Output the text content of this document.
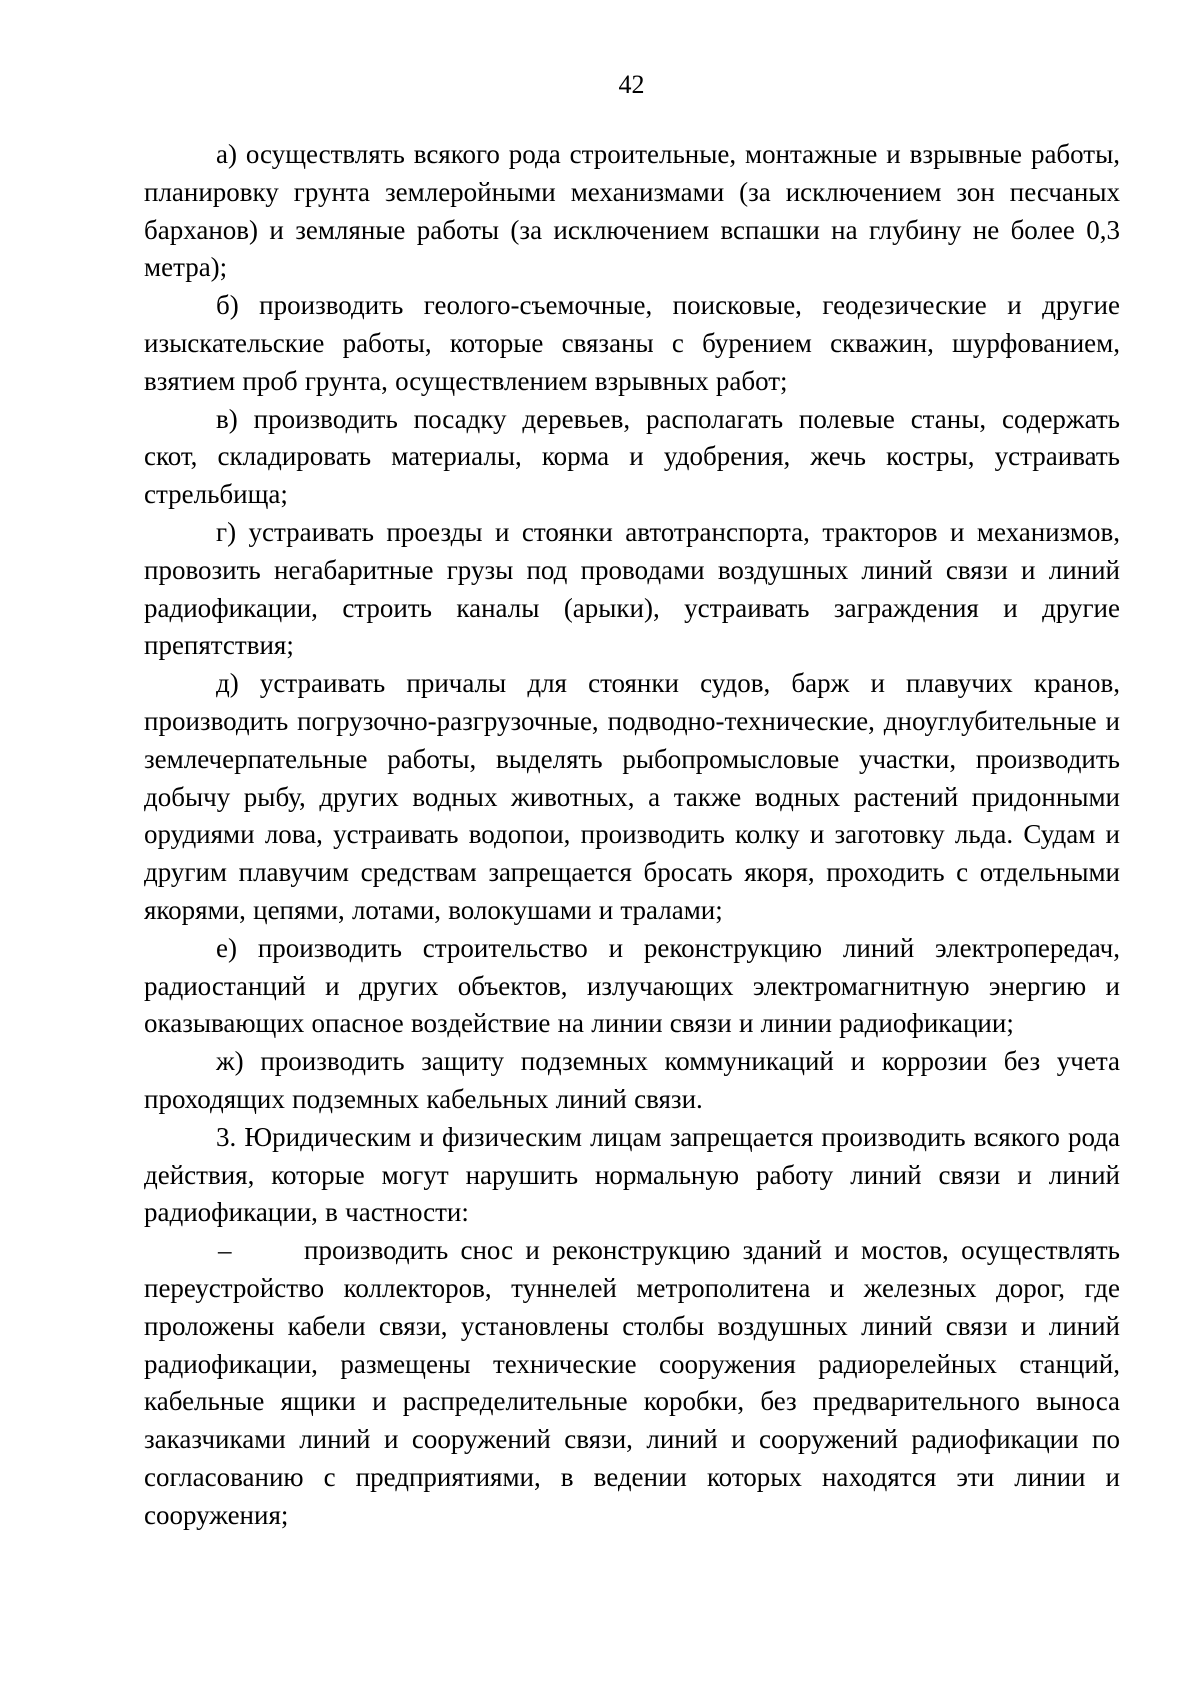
42

а) осуществлять всякого рода строительные, монтажные и взрывные работы, планировку грунта землеройными механизмами (за исключением зон песчаных барханов) и земляные работы (за исключением вспашки на глубину не более 0,3 метра);

б) производить геолого-съемочные, поисковые, геодезические и другие изыскательские работы, которые связаны с бурением скважин, шурфованием, взятием проб грунта, осуществлением взрывных работ;

в) производить посадку деревьев, располагать полевые станы, содержать скот, складировать материалы, корма и удобрения, жечь костры, устраивать стрельбища;

г) устраивать проезды и стоянки автотранспорта, тракторов и механизмов, провозить негабаритные грузы под проводами воздушных линий связи и линий радиофикации, строить каналы (арыки), устраивать заграждения и другие препятствия;

д) устраивать причалы для стоянки судов, барж и плавучих кранов, производить погрузочно-разгрузочные, подводно-технические, дноуглубительные и землечерпательные работы, выделять рыбопромысловые участки, производить добычу рыбу, других водных животных, а также водных растений придонными орудиями лова, устраивать водопои, производить колку и заготовку льда. Судам и другим плавучим средствам запрещается бросать якоря, проходить с отдельными якорями, цепями, лотами, волокушами и тралами;

е) производить строительство и реконструкцию линий электропередач, радиостанций и других объектов, излучающих электромагнитную энергию и оказывающих опасное воздействие на линии связи и линии радиофикации;

ж) производить защиту подземных коммуникаций и коррозии без учета проходящих подземных кабельных линий связи.

3. Юридическим и физическим лицам запрещается производить всякого рода действия, которые могут нарушить нормальную работу линий связи и линий радиофикации, в частности:

–	производить снос и реконструкцию зданий и мостов, осуществлять переустройство коллекторов, туннелей метрополитена и железных дорог, где проложены кабели связи, установлены столбы воздушных линий связи и линий радиофикации, размещены технические сооружения радиорелейных станций, кабельные ящики и распределительные коробки, без предварительного выноса заказчиками линий и сооружений связи, линий и сооружений радиофикации по согласованию с предприятиями, в ведении которых находятся эти линии и сооружения;
